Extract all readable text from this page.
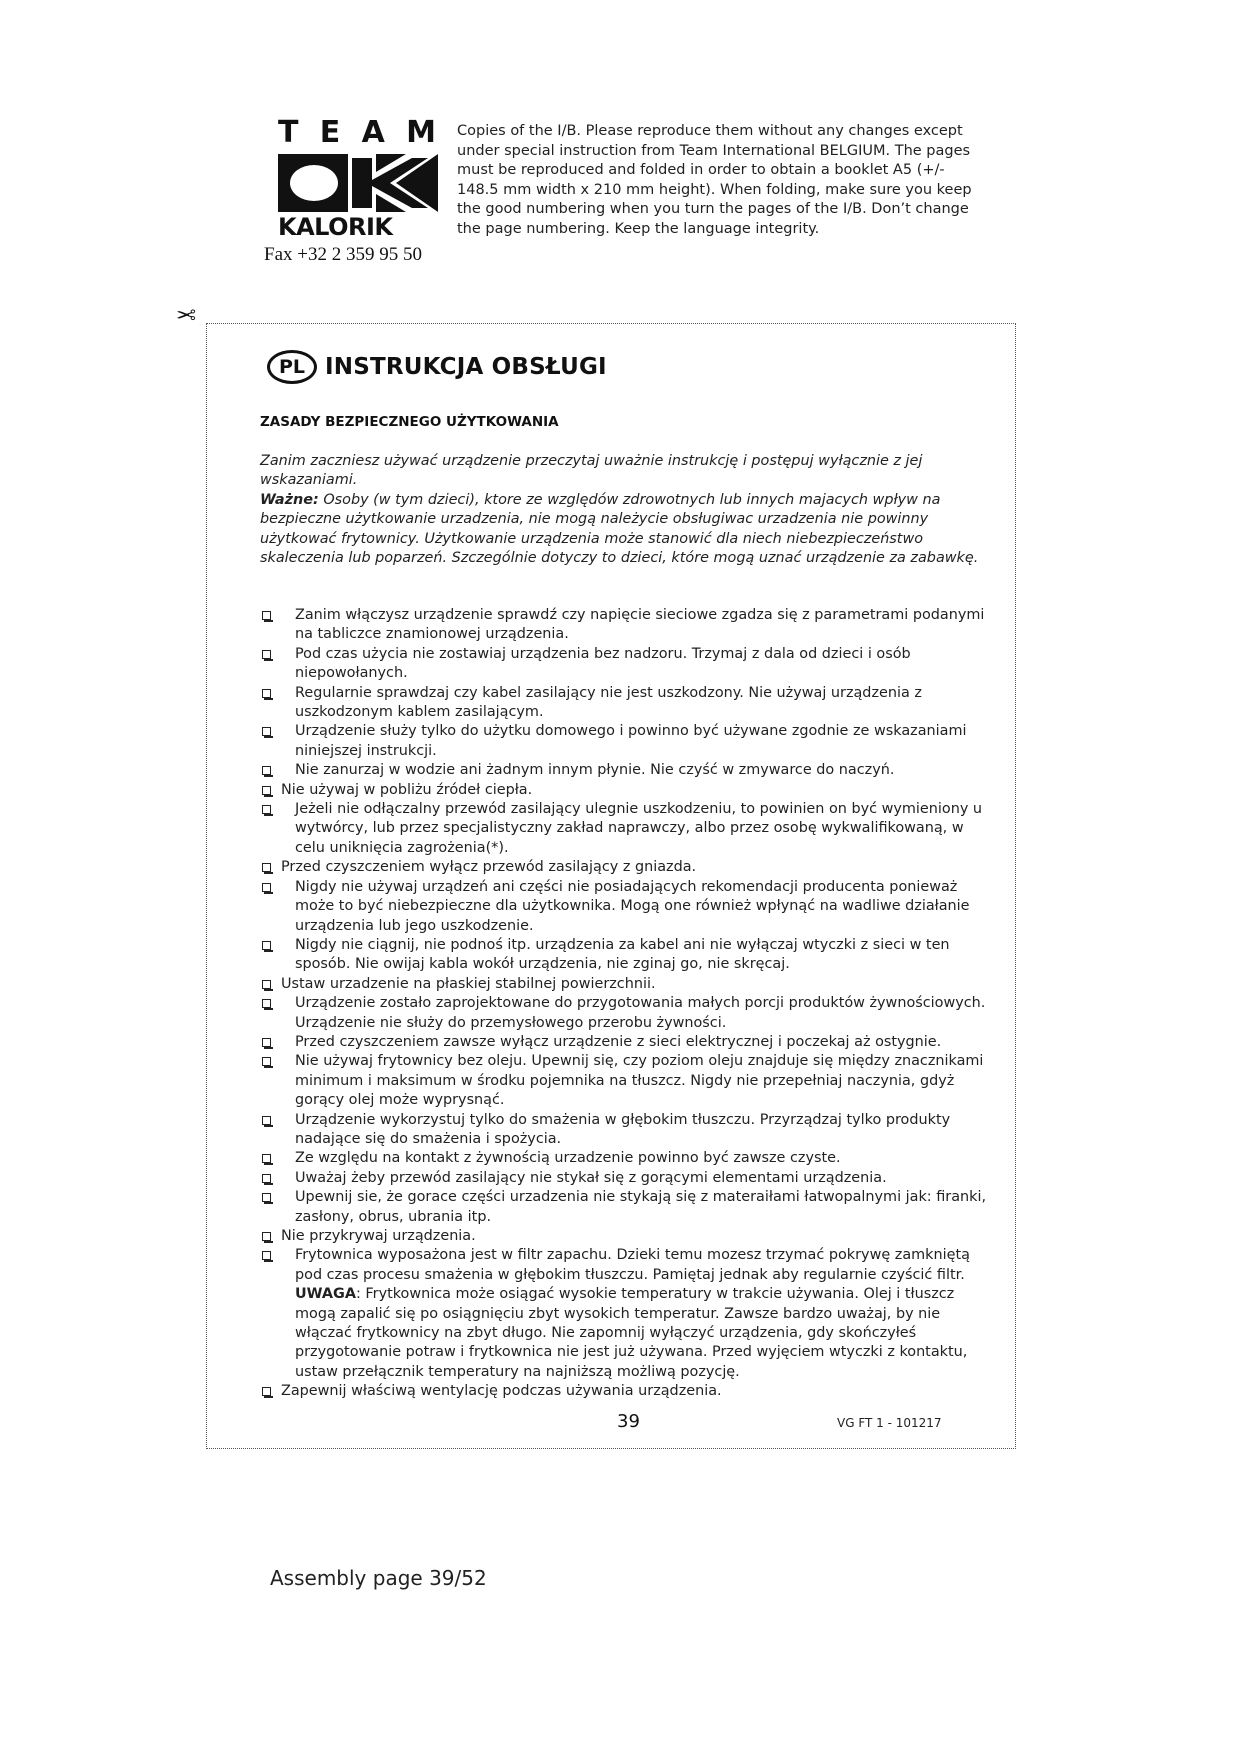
T E A M
KALORIK
Fax +32 2 359 95 50
Copies of the I/B. Please reproduce them without any changes except under special instruction from Team International BELGIUM. The pages must be reproduced and folded in order to obtain a booklet A5 (+/- 148.5 mm width x 210 mm height). When folding, make sure you keep the good numbering when you turn the pages of the I/B. Don’t change the page numbering. Keep the language integrity.
✂
PL INSTRUKCJA OBSŁUGI
ZASADY BEZPIECZNEGO UŻYTKOWANIA
Zanim zaczniesz używać urządzenie przeczytaj uważnie instrukcję i postępuj wyłącznie z jej wskazaniami.
Ważne: Osoby (w tym dzieci), ktore ze względów zdrowotnych lub innych majacych wpływ na bezpieczne użytkowanie urzadzenia, nie mogą należycie obsługiwac urzadzenia nie powinny użytkować frytownicy. Użytkowanie urządzenia może stanowić dla niech niebezpieczeństwo skaleczenia lub poparzeń. Szczególnie dotyczy to dzieci, które mogą uznać urządzenie za zabawkę.
Zanim włączysz urządzenie sprawdź czy napięcie sieciowe zgadza się z parametrami podanymi na tabliczce znamionowej urządzenia.
Pod czas użycia nie zostawiaj urządzenia bez nadzoru. Trzymaj z dala od dzieci i osób niepowołanych.
Regularnie sprawdzaj czy kabel zasilający nie jest uszkodzony. Nie używaj urządzenia z uszkodzonym kablem zasilającym.
Urządzenie służy tylko do użytku domowego i powinno być używane zgodnie ze wskazaniami niniejszej instrukcji.
Nie zanurzaj w wodzie ani żadnym innym płynie. Nie czyść w zmywarce do naczyń.
Nie używaj w pobliżu źródeł ciepła.
Jeżeli nie odłączalny przewód zasilający ulegnie uszkodzeniu, to powinien on być wymieniony u wytwórcy, lub przez specjalistyczny zakład naprawczy, albo przez osobę wykwalifikowaną, w celu uniknięcia zagrożenia(*).
Przed czyszczeniem wyłącz przewód zasilający z gniazda.
Nigdy nie używaj urządzeń ani części nie posiadających rekomendacji producenta ponieważ może to być niebezpieczne dla użytkownika. Mogą one również wpłynąć na wadliwe działanie urządzenia lub jego uszkodzenie.
Nigdy nie ciągnij, nie podnoś itp. urządzenia za kabel ani nie wyłączaj wtyczki z sieci w ten sposób. Nie owijaj kabla wokół urządzenia, nie zginaj go, nie skręcaj.
Ustaw urzadzenie na płaskiej stabilnej powierzchnii.
Urządzenie zostało zaprojektowane do przygotowania małych porcji produktów żywnościowych. Urządzenie nie służy do przemysłowego przerobu żywności.
Przed czyszczeniem zawsze wyłącz urządzenie z sieci elektrycznej i poczekaj aż ostygnie.
Nie używaj frytownicy bez oleju. Upewnij się, czy poziom oleju znajduje się między znacznikami minimum i maksimum w środku pojemnika na tłuszcz. Nigdy nie przepełniaj naczynia, gdyż gorący olej może wyprysnąć.
Urządzenie wykorzystuj tylko do smażenia w głębokim tłuszczu. Przyrządzaj tylko produkty nadające się do smażenia i spożycia.
Ze względu na kontakt z żywnością urzadzenie powinno być zawsze czyste.
Uważaj żeby przewód zasilający nie stykał się z gorącymi elementami urządzenia.
Upewnij sie, że gorace części urzadzenia nie stykają się z materaiłami łatwopalnymi jak: firanki, zasłony, obrus, ubrania itp.
Nie przykrywaj urządzenia.
Frytownica wyposażona jest w filtr zapachu. Dzieki temu mozesz trzymać pokrywę zamkniętą pod czas procesu smażenia w głębokim tłuszczu. Pamiętaj jednak aby regularnie czyścić filtr. UWAGA: Frytkownica może osiągać wysokie temperatury w trakcie używania. Olej i tłuszcz mogą zapalić się po osiągnięciu zbyt wysokich temperatur. Zawsze bardzo uważaj, by nie włączać frytkownicy na zbyt długo. Nie zapomnij wyłączyć urządzenia, gdy skończyłeś przygotowanie potraw i frytkownica nie jest już używana. Przed wyjęciem wtyczki z kontaktu, ustaw przełącznik temperatury na najniższą możliwą pozycję.
Zapewnij właściwą wentylację podczas używania urządzenia.
39	VG FT 1 - 101217
Assembly page 39/52
